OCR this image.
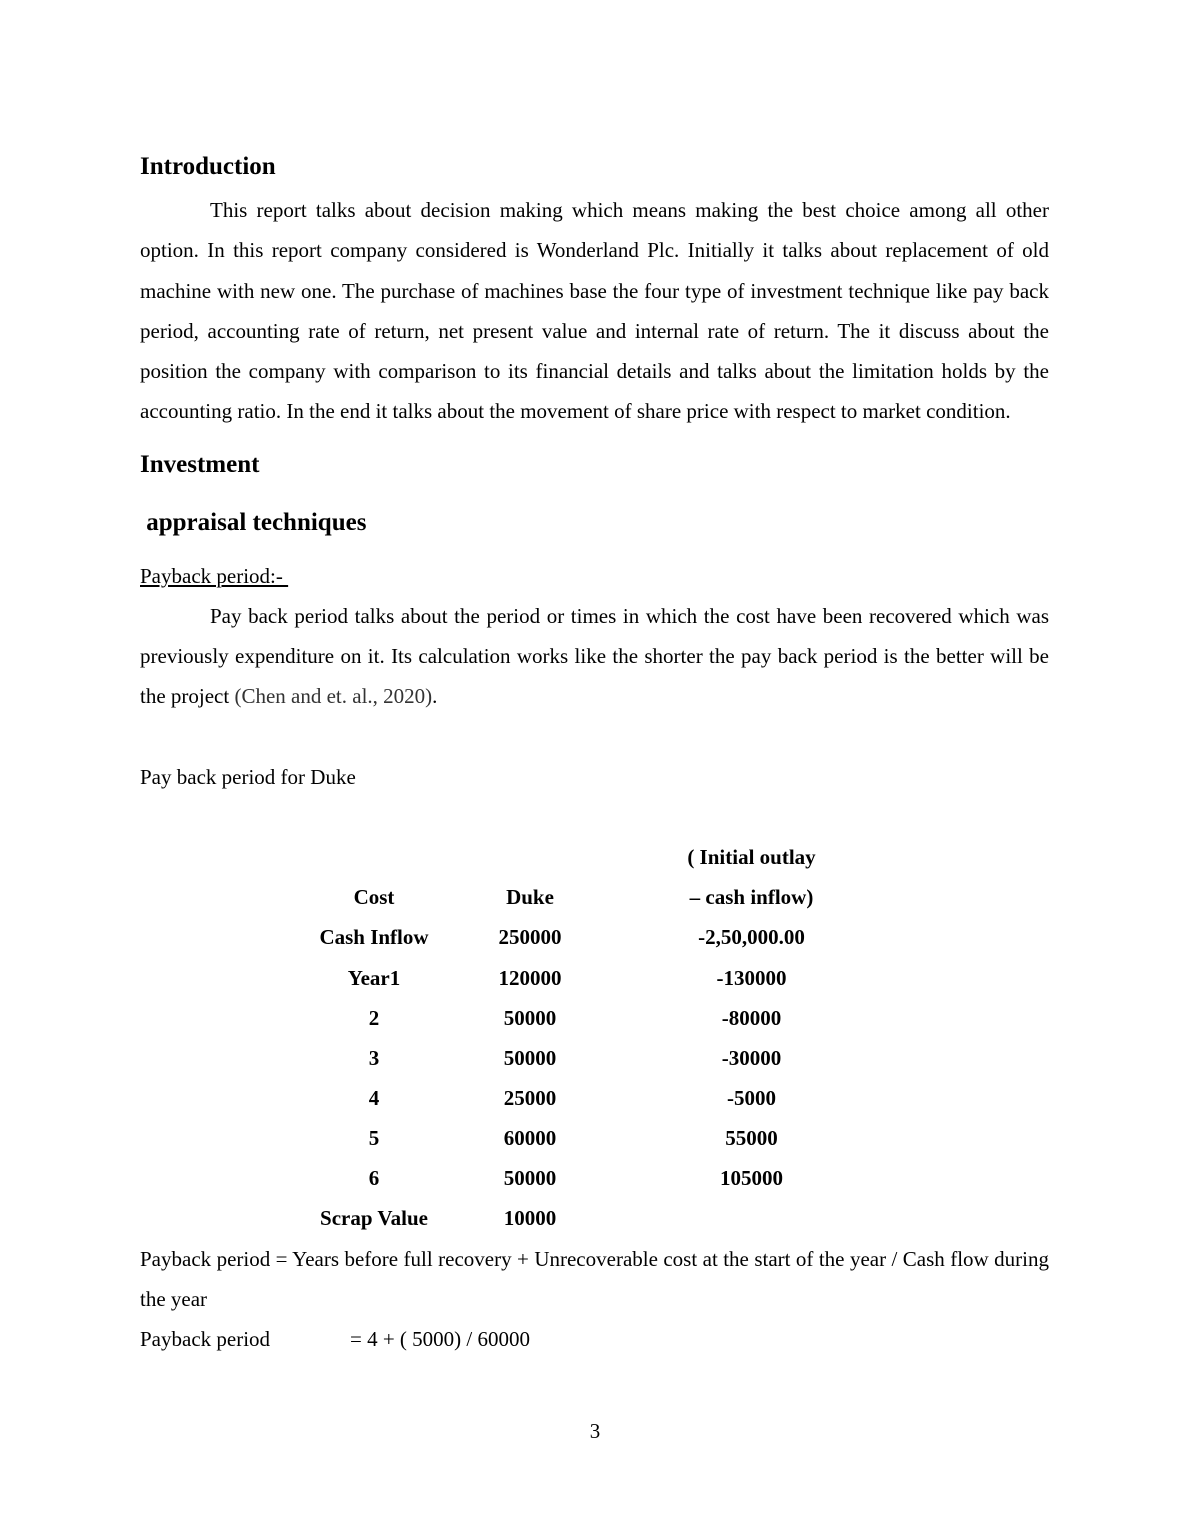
Introduction

This report talks about decision making which means making the best choice among all other option. In this report company considered is Wonderland Plc. Initially it talks about replacement of old machine with new one. The purchase of machines base the four type of investment technique like pay back period, accounting rate of return, net present value and internal rate of return. The it discuss about the position the company with comparison to its financial details and talks about the limitation holds by the accounting ratio. In the end it talks about the movement of share price with respect to market condition.

Investment
appraisal techniques
Payback period:-

Pay back period talks about the period or times in which the cost have been recovered which was previously expenditure on it. Its calculation works like the shorter the pay back period is the better will be the project (Chen and et. al., 2020).

Pay back period for Duke

		( Initial outlay
Cost	Duke	– cash inflow)
Cash Inflow	250000	-2,50,000.00
Year1	120000	-130000
2	50000	-80000
3	50000	-30000
4	25000	-5000
5	60000	55000
6	50000	105000
Scrap Value	10000	

Payback period = Years before full recovery + Unrecoverable cost at the start of the year / Cash flow during the year

Payback period	= 4 + ( 5000) / 60000

3
